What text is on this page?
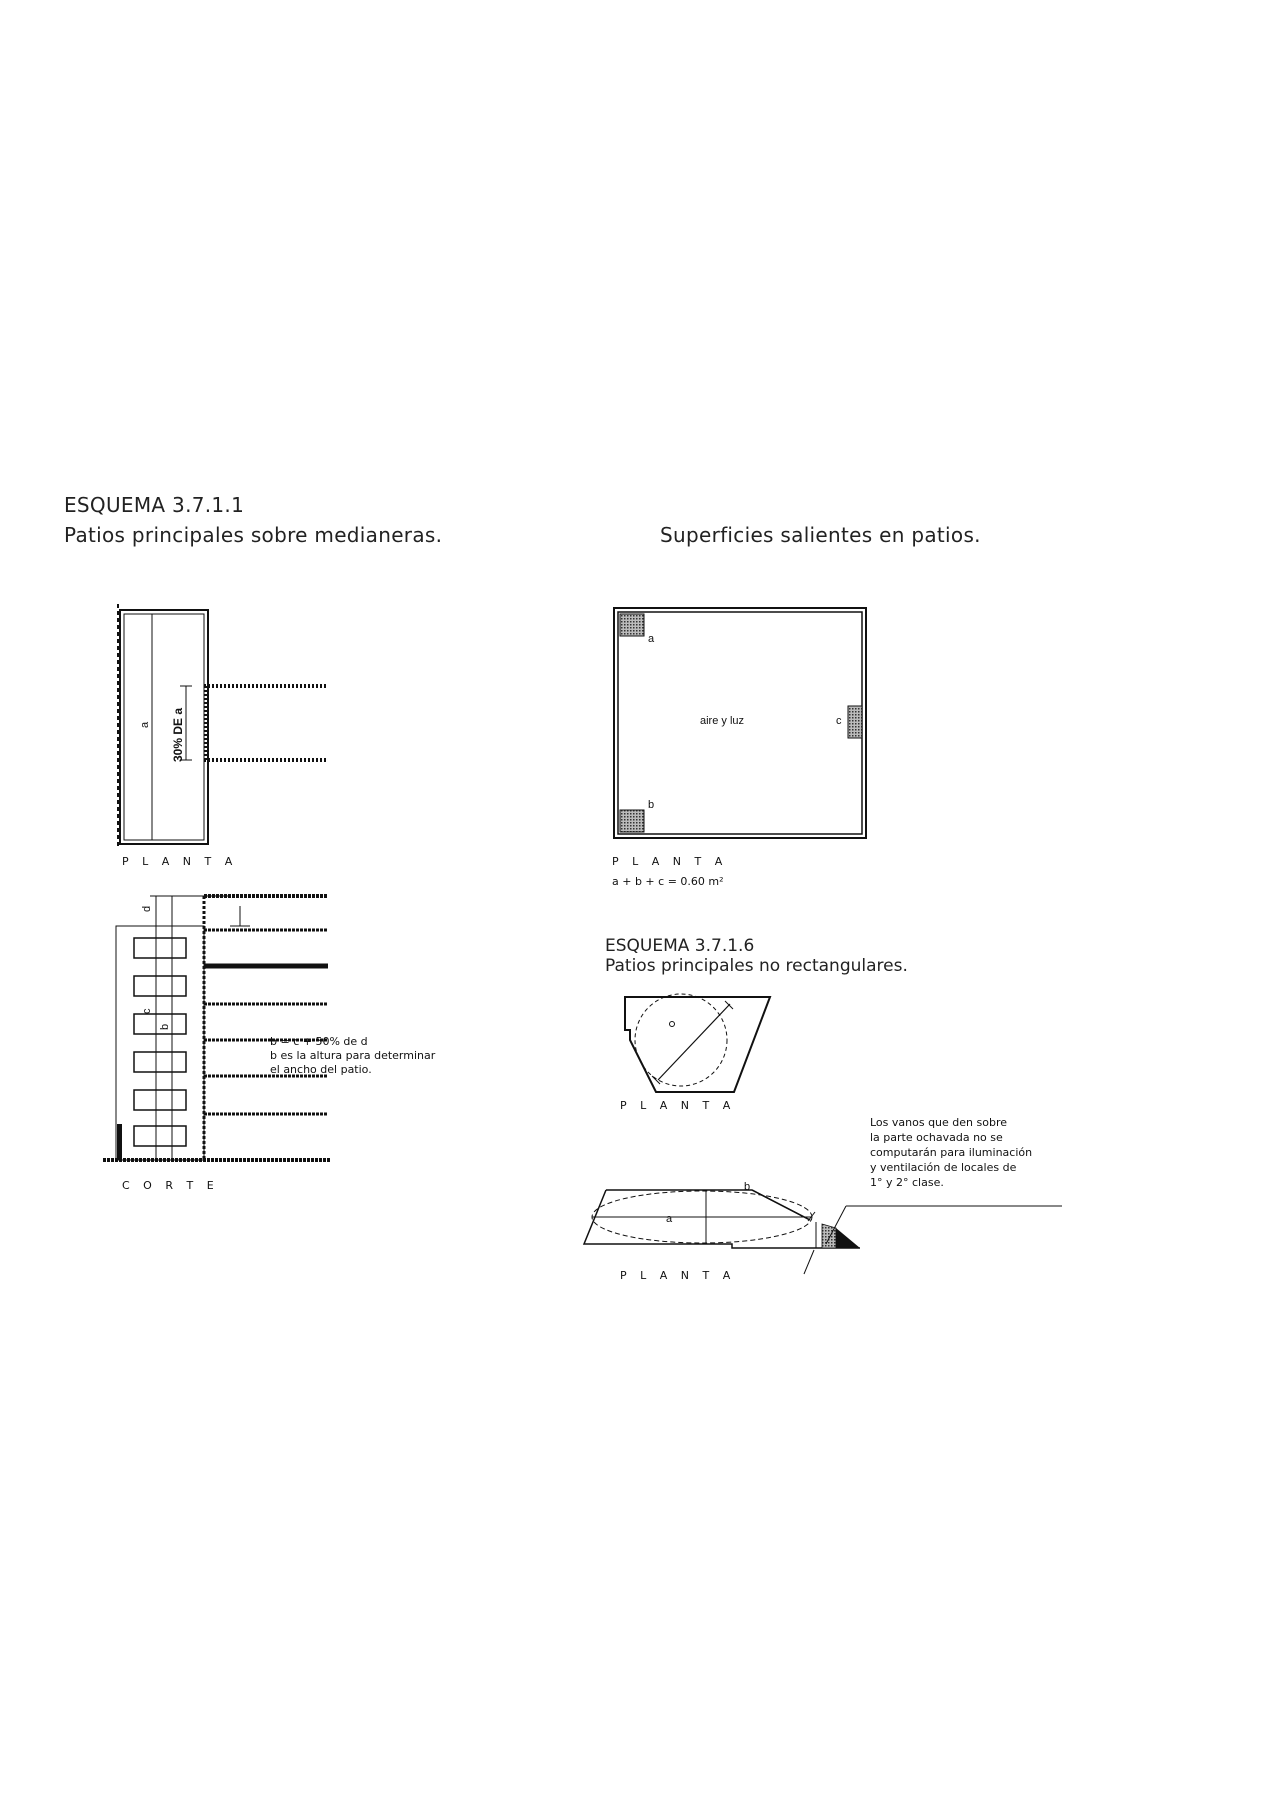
ESQUEMA 3.7.1.1
Patios principales sobre medianeras.	Superficies salientes en patios.
ESQUEMA 3.7.1.6
Patios principales no rectangulares.
a 30% DE a
d
c
b
a
b
c
aire y luz
a
b
P L A N T A
C O R T E
b = c + 50% de d
b es la altura para determinar
el ancho del patio.
P L A N T A
a + b + c = 0.60 m²
P L A N T A
Los vanos que den sobre
la parte ochavada no se
computarán para iluminación
y ventilación de locales de
1° y 2° clase.
P L A N T A
